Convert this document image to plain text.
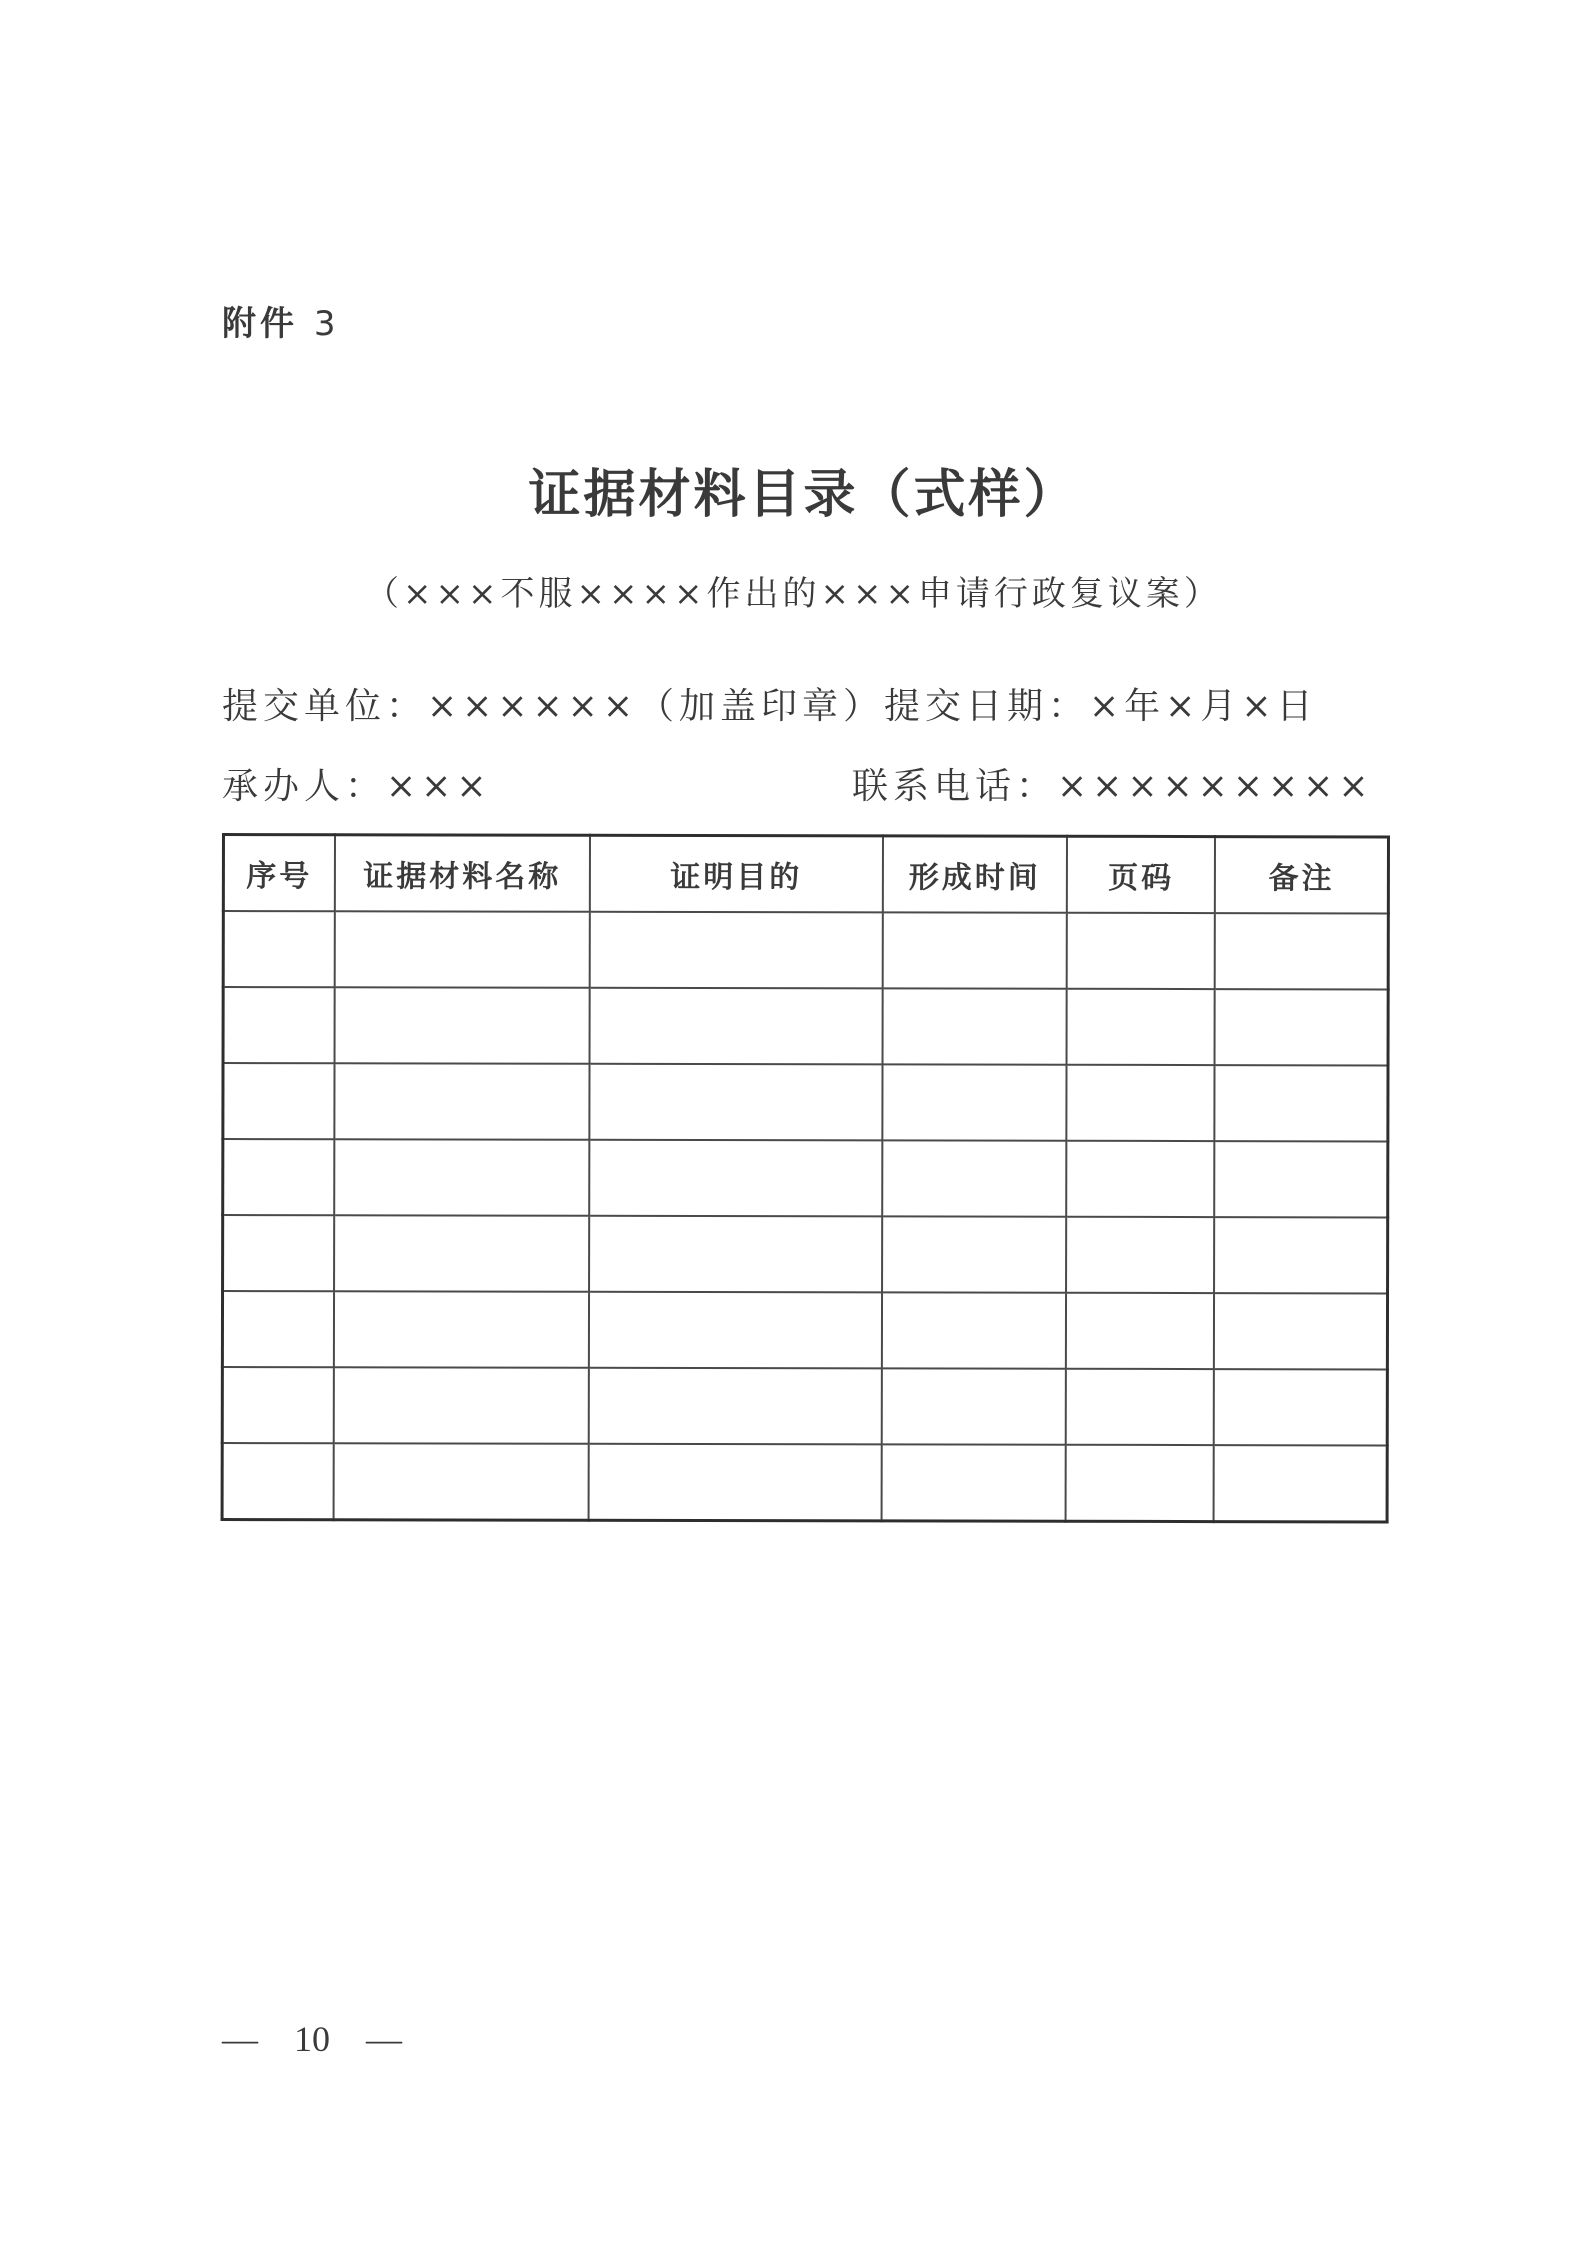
附件 3
证据材料目录（式样）
（×××不服××××作出的×××申请行政复议案）
提交单位：××××××（加盖印章）提交日期：×年×月×日
承办人：×××	联系电话：×××××××××
序号	证据材料名称	证明目的	形成时间	页码	备注

— 10 —
